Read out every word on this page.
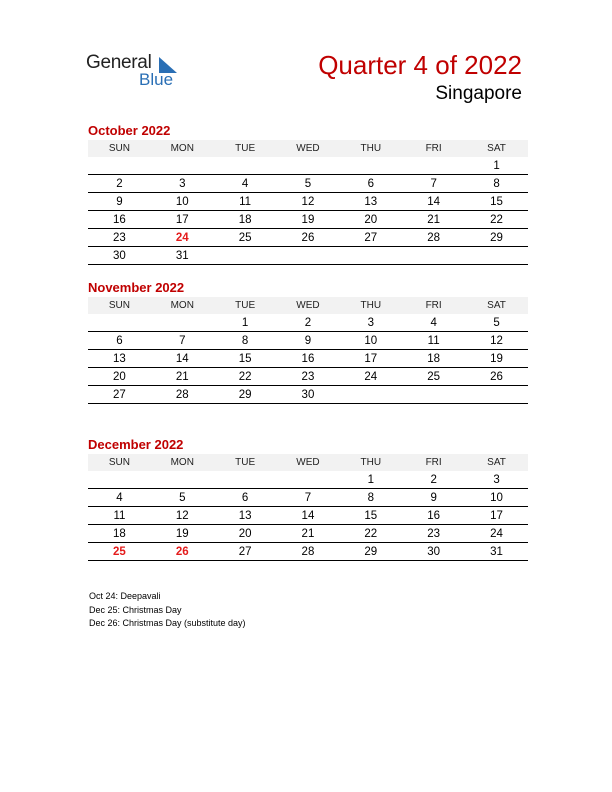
General
Blue	Quarter 4 of 2022
Singapore
October 2022
SUN	MON	TUE	WED	THU	FRI	SAT
						1
2	3	4	5	6	7	8
9	10	11	12	13	14	15
16	17	18	19	20	21	22
23	24	25	26	27	28	29
30	31					
November 2022
SUN	MON	TUE	WED	THU	FRI	SAT
		1	2	3	4	5
6	7	8	9	10	11	12
13	14	15	16	17	18	19
20	21	22	23	24	25	26
27	28	29	30			
December 2022
SUN	MON	TUE	WED	THU	FRI	SAT
				1	2	3
4	5	6	7	8	9	10
11	12	13	14	15	16	17
18	19	20	21	22	23	24
25	26	27	28	29	30	31
Oct 24: Deepavali
Dec 25: Christmas Day
Dec 26: Christmas Day (substitute day)
